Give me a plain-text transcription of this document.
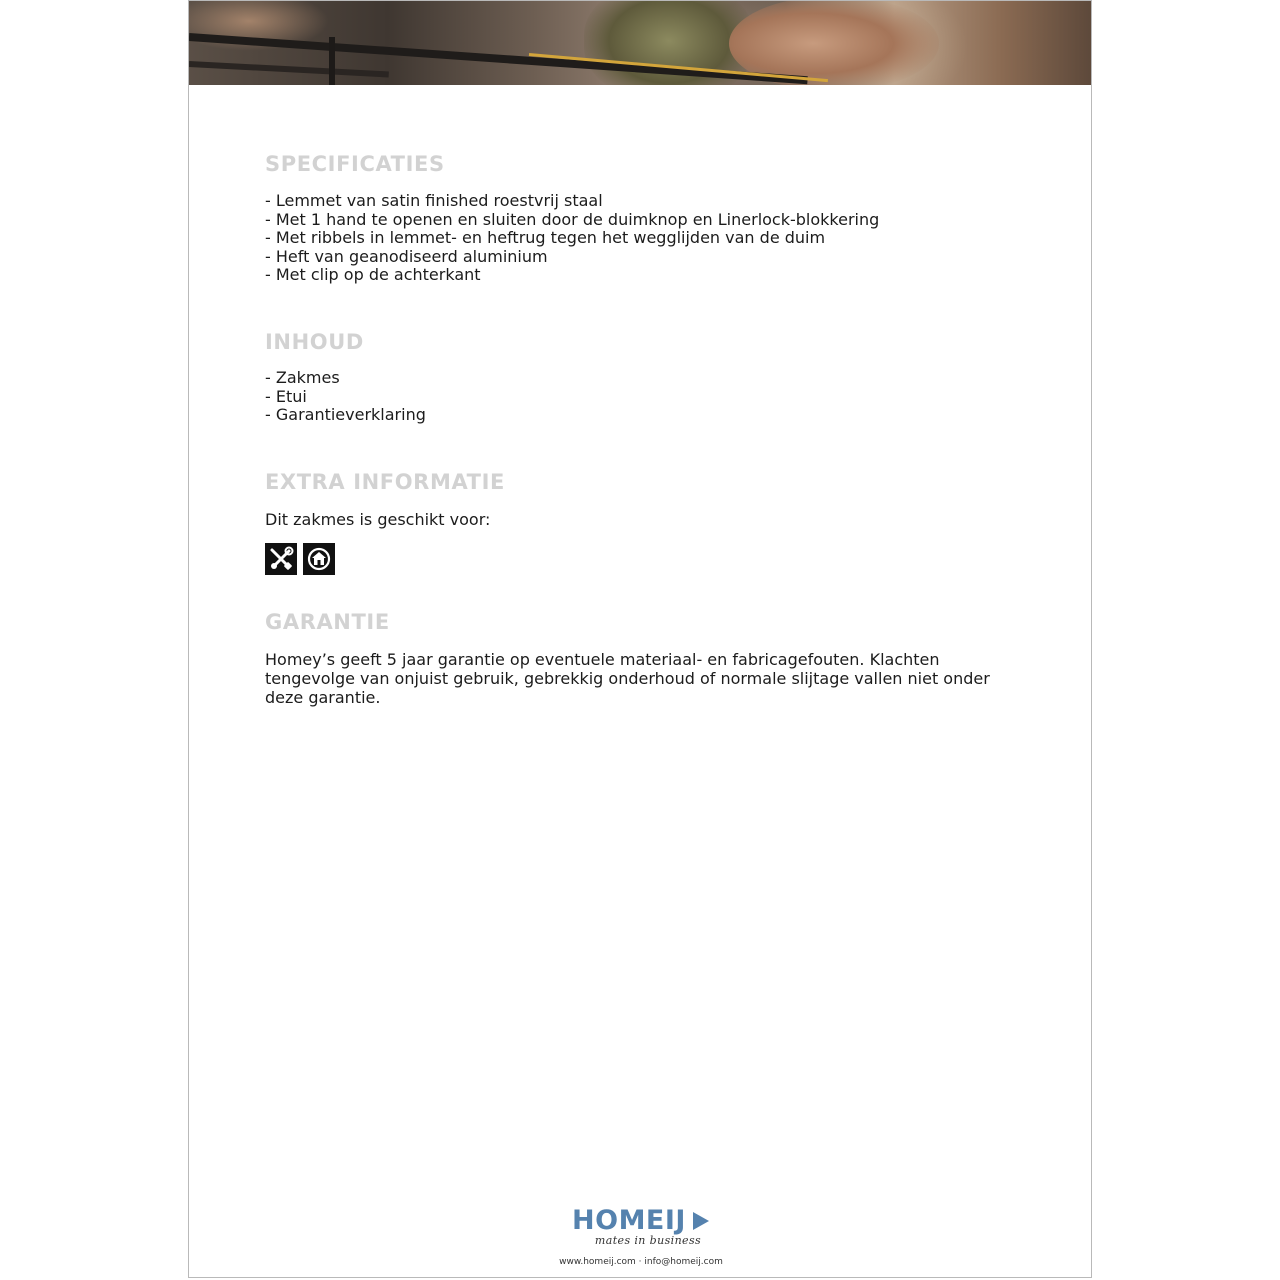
SPECIFICATIES
- Lemmet van satin finished roestvrij staal
- Met 1 hand te openen en sluiten door de duimknop en Linerlock-blokkering
- Met ribbels in lemmet- en heftrug tegen het wegglijden van de duim
- Heft van geanodiseerd aluminium
- Met clip op de achterkant
INHOUD
- Zakmes
- Etui
- Garantieverklaring
EXTRA INFORMATIE

Dit zakmes is geschikt voor:

GARANTIE

Homey’s geeft 5 jaar garantie op eventuele materiaal- en fabricagefouten. Klachten tengevolge van onjuist gebruik, gebrekkig onderhoud of normale slijtage vallen niet onder deze garantie.

HOMEIJ
mates in business
www.homeij.com · info@homeij.com
